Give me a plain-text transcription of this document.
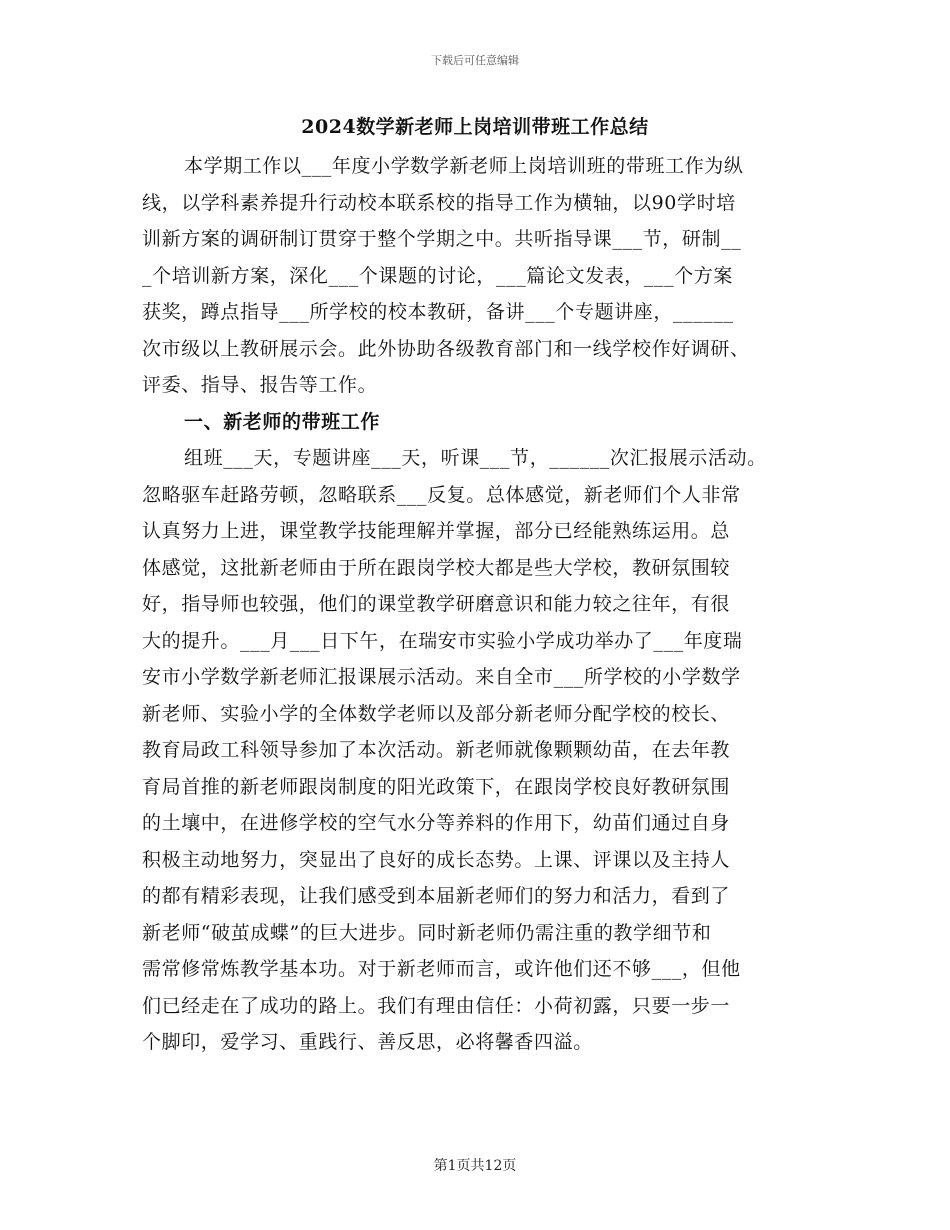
下载后可任意编辑
2024数学新老师上岗培训带班工作总结
本学期工作以___年度小学数学新老师上岗培训班的带班工作为纵
线，以学科素养提升行动校本联系校的指导工作为横轴，以90学时培
训新方案的调研制订贯穿于整个学期之中。共听指导课___节，研制__
_个培训新方案，深化___个课题的讨论，___篇论文发表，___个方案
获奖，蹲点指导___所学校的校本教研，备讲___个专题讲座，______
次市级以上教研展示会。此外协助各级教育部门和一线学校作好调研、
评委、指导、报告等工作。
一、新老师的带班工作
组班___天，专题讲座___天，听课___节，______次汇报展示活动。
忽略驱车赶路劳顿，忽略联系___反复。总体感觉，新老师们个人非常
认真努力上进，课堂教学技能理解并掌握，部分已经能熟练运用。总
体感觉，这批新老师由于所在跟岗学校大都是些大学校，教研氛围较
好，指导师也较强，他们的课堂教学研磨意识和能力较之往年，有很
大的提升。___月___日下午，在瑞安市实验小学成功举办了___年度瑞
安市小学数学新老师汇报课展示活动。来自全市___所学校的小学数学
新老师、实验小学的全体数学老师以及部分新老师分配学校的校长、
教育局政工科领导参加了本次活动。新老师就像颗颗幼苗，在去年教
育局首推的新老师跟岗制度的阳光政策下，在跟岗学校良好教研氛围
的土壤中，在进修学校的空气水分等养料的作用下，幼苗们通过自身
积极主动地努力，突显出了良好的成长态势。上课、评课以及主持人
的都有精彩表现，让我们感受到本届新老师们的努力和活力，看到了
新老师“破茧成蝶”的巨大进步。同时新老师仍需注重的教学细节和
需常修常炼教学基本功。对于新老师而言，或许他们还不够___，但他
们已经走在了成功的路上。我们有理由信任：小荷初露，只要一步一
个脚印，爱学习、重践行、善反思，必将馨香四溢。
第1页共12页
